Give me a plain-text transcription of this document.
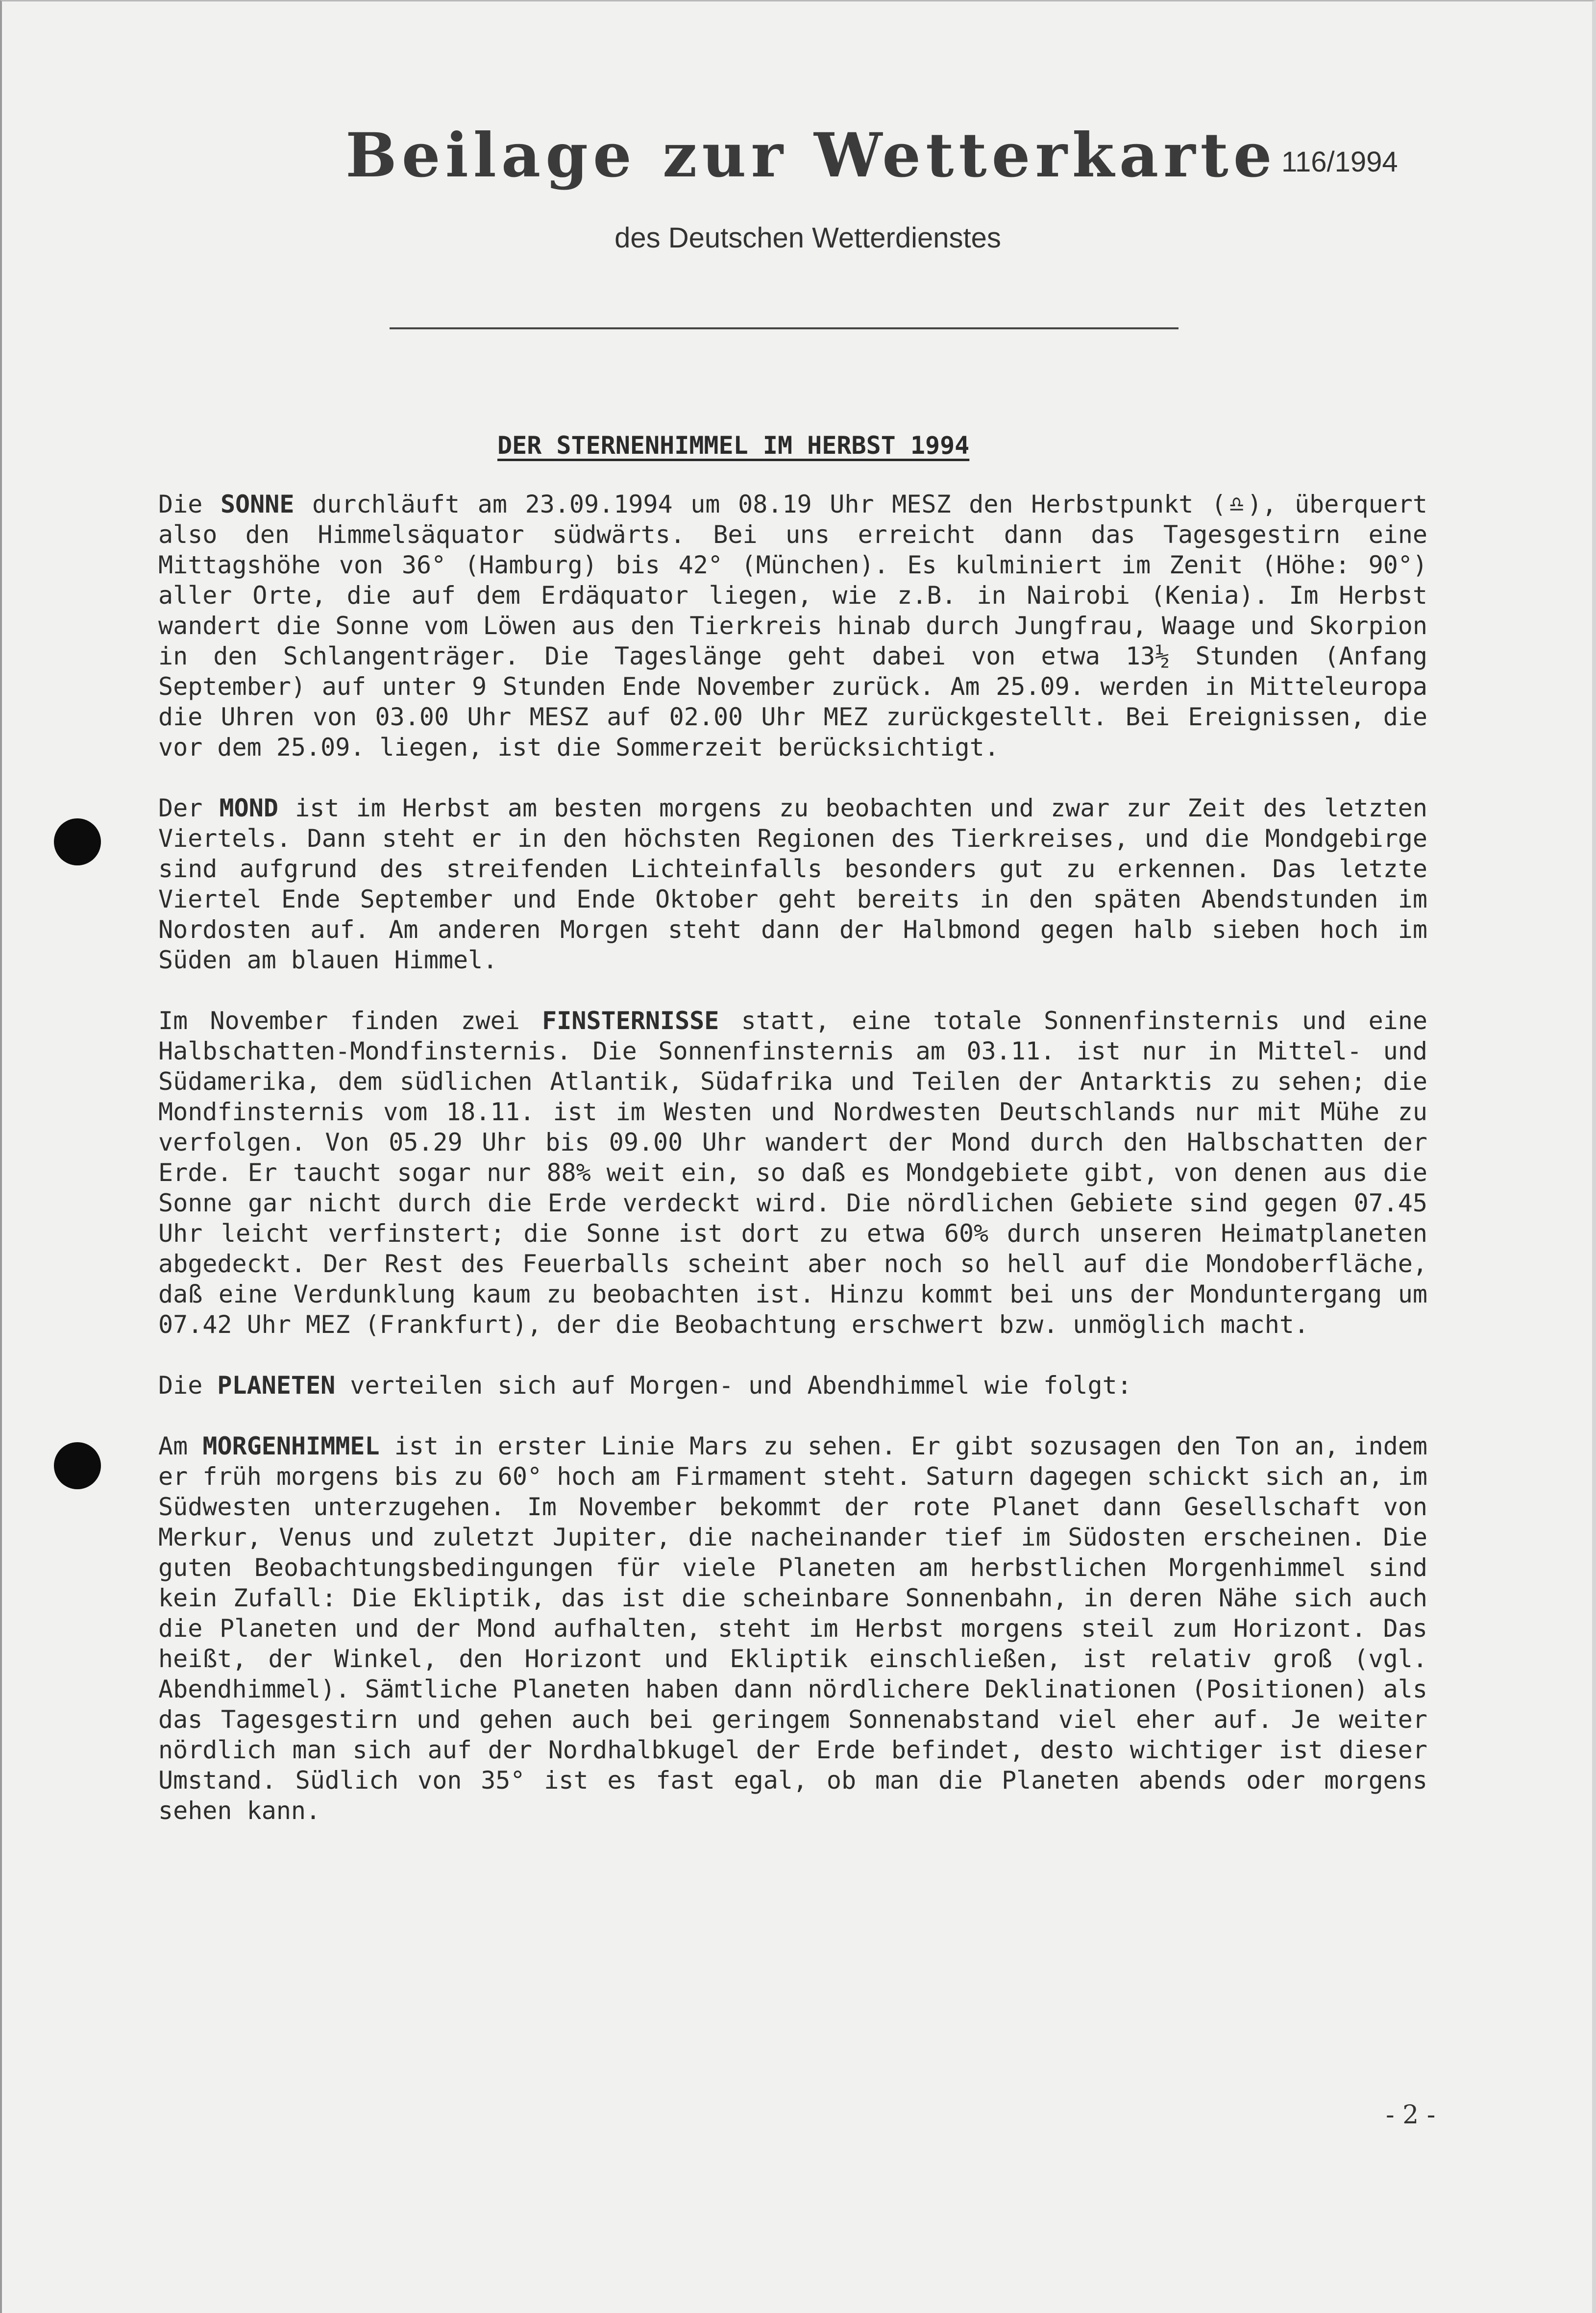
Beilage zur Wetterkarte 116/1994
des Deutschen Wetterdienstes
DER STERNENHIMMEL IM HERBST 1994

Die SONNE durchläuft am 23.09.1994 um 08.19 Uhr MESZ den Herbstpunkt (♎), überquert also den Himmelsäquator südwärts. Bei uns erreicht dann das Tagesgestirn eine Mittagshöhe von 36° (Hamburg) bis 42° (München). Es kulminiert im Zenit (Höhe: 90°) aller Orte, die auf dem Erdäquator liegen, wie z.B. in Nairobi (Kenia). Im Herbst wandert die Sonne vom Löwen aus den Tierkreis hinab durch Jungfrau, Waage und Skorpion in den Schlangenträger. Die Tageslänge geht dabei von etwa 13½ Stunden (Anfang September) auf unter 9 Stunden Ende November zurück. Am 25.09. werden in Mitteleuropa die Uhren von 03.00 Uhr MESZ auf 02.00 Uhr MEZ zurückgestellt. Bei Ereignissen, die vor dem 25.09. liegen, ist die Sommerzeit berücksichtigt.

Der MOND ist im Herbst am besten morgens zu beobachten und zwar zur Zeit des letzten Viertels. Dann steht er in den höchsten Regionen des Tierkreises, und die Mondgebirge sind aufgrund des streifenden Lichteinfalls besonders gut zu erkennen. Das letzte Viertel Ende September und Ende Oktober geht bereits in den späten Abendstunden im Nordosten auf. Am anderen Morgen steht dann der Halbmond gegen halb sieben hoch im Süden am blauen Himmel.

Im November finden zwei FINSTERNISSE statt, eine totale Sonnenfinsternis und eine Halbschatten-Mondfinsternis. Die Sonnenfinsternis am 03.11. ist nur in Mittel- und Südamerika, dem südlichen Atlantik, Südafrika und Teilen der Antarktis zu sehen; die Mondfinsternis vom 18.11. ist im Westen und Nordwesten Deutschlands nur mit Mühe zu verfolgen. Von 05.29 Uhr bis 09.00 Uhr wandert der Mond durch den Halbschatten der Erde. Er taucht sogar nur 88% weit ein, so daß es Mondgebiete gibt, von denen aus die Sonne gar nicht durch die Erde verdeckt wird. Die nördlichen Gebiete sind gegen 07.45 Uhr leicht verfinstert; die Sonne ist dort zu etwa 60% durch unseren Heimatplaneten abgedeckt. Der Rest des Feuerballs scheint aber noch so hell auf die Mondoberfläche, daß eine Verdunklung kaum zu beobachten ist. Hinzu kommt bei uns der Monduntergang um 07.42 Uhr MEZ (Frankfurt), der die Beobachtung erschwert bzw. unmöglich macht.

Die PLANETEN verteilen sich auf Morgen- und Abendhimmel wie folgt:

Am MORGENHIMMEL ist in erster Linie Mars zu sehen. Er gibt sozusagen den Ton an, indem er früh morgens bis zu 60° hoch am Firmament steht. Saturn dagegen schickt sich an, im Südwesten unterzugehen. Im November bekommt der rote Planet dann Gesellschaft von Merkur, Venus und zuletzt Jupiter, die nacheinander tief im Südosten erscheinen. Die guten Beobachtungsbedingungen für viele Planeten am herbstlichen Morgenhimmel sind kein Zufall: Die Ekliptik, das ist die scheinbare Sonnenbahn, in deren Nähe sich auch die Planeten und der Mond aufhalten, steht im Herbst morgens steil zum Horizont. Das heißt, der Winkel, den Horizont und Ekliptik einschließen, ist relativ groß (vgl. Abendhimmel). Sämtliche Planeten haben dann nördlichere Deklinationen (Positionen) als das Tagesgestirn und gehen auch bei geringem Sonnenabstand viel eher auf. Je weiter nördlich man sich auf der Nordhalbkugel der Erde befindet, desto wichtiger ist dieser Umstand. Südlich von 35° ist es fast egal, ob man die Planeten abends oder morgens sehen kann.

- 2 -
